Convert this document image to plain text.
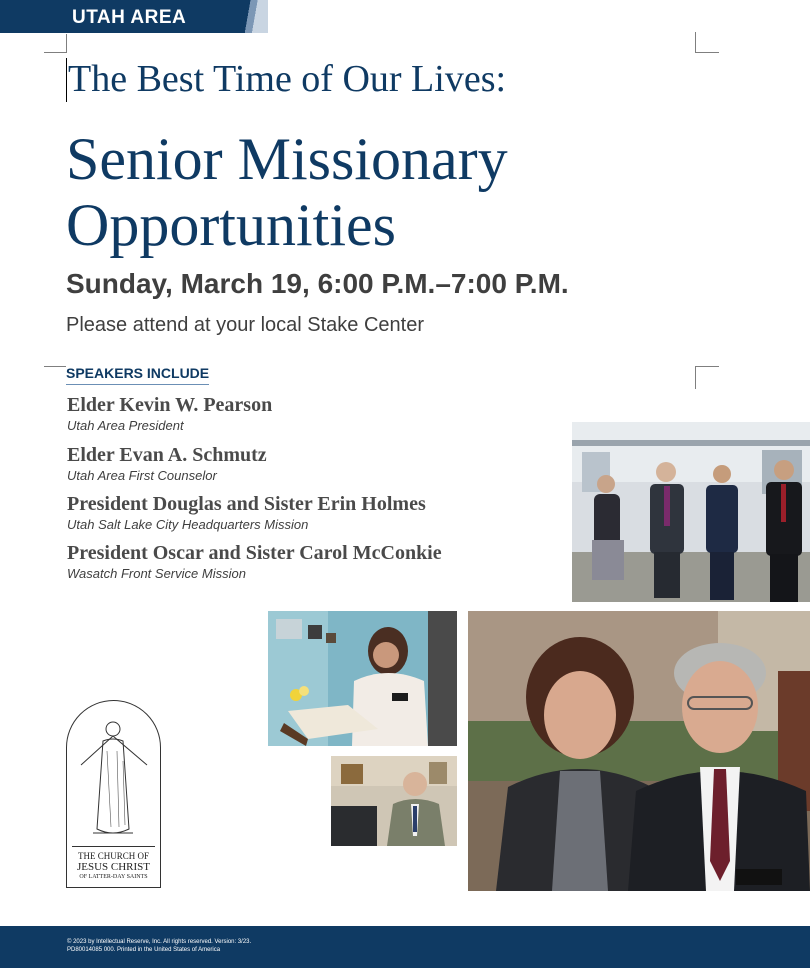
UTAH AREA
The Best Time of Our Lives:
Senior Missionary
Opportunities
Sunday, March 19, 6:00 P.M.–7:00 P.M.
Please attend at your local Stake Center
SPEAKERS INCLUDE
Elder Kevin W. Pearson
Utah Area President
Elder Evan A. Schmutz
Utah Area First Counselor
President Douglas and Sister Erin Holmes
Utah Salt Lake City Headquarters Mission
President Oscar and Sister Carol McConkie
Wasatch Front Service Mission
THE CHURCH OF
JESUS CHRIST
OF LATTER-DAY SAINTS
© 2023 by Intellectual Reserve, Inc. All rights reserved. Version: 3/23.
PD80014085 000. Printed in the United States of America
